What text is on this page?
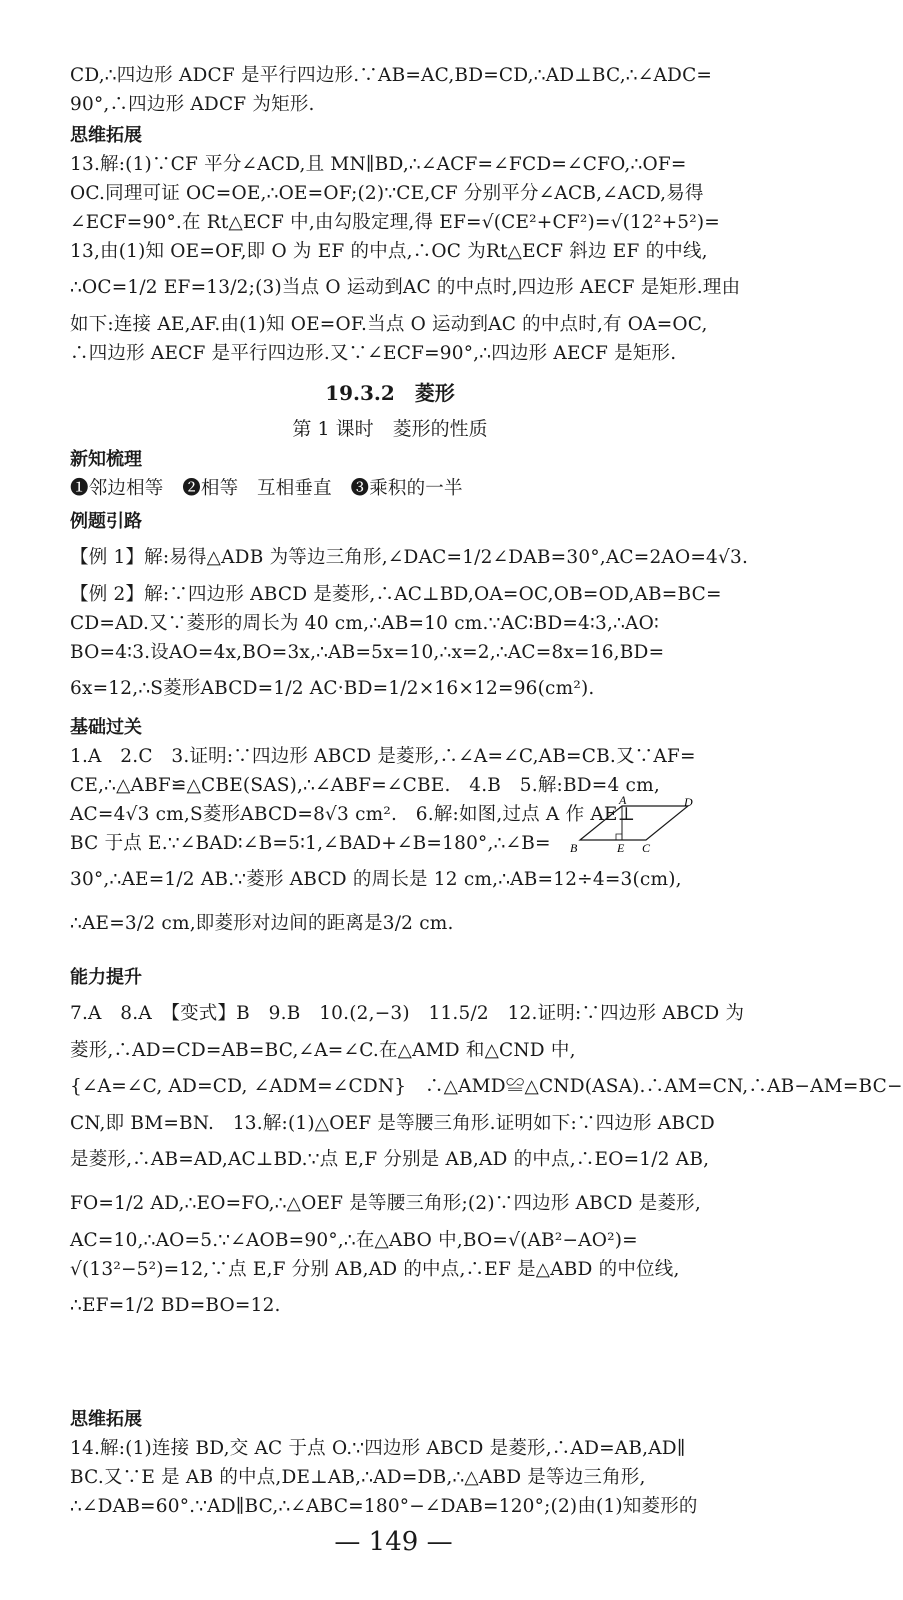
CD,∴四边形 ADCF 是平行四边形.∵AB=AC,BD=CD,∴AD⊥BC,∴∠ADC=
90°,∴四边形 ADCF 为矩形.
思维拓展
13.解:(1)∵CF 平分∠ACD,且 MN∥BD,∴∠ACF=∠FCD=∠CFO,∴OF=
OC.同理可证 OC=OE,∴OE=OF;(2)∵CE,CF 分别平分∠ACB,∠ACD,易得
∠ECF=90°.在 Rt△ECF 中,由勾股定理,得 EF=√(CE²+CF²)=√(12²+5²)=
13,由(1)知 OE=OF,即 O 为 EF 的中点,∴OC 为Rt△ECF 斜边 EF 的中线,
∴OC=1/2 EF=13/2;(3)当点 O 运动到AC 的中点时,四边形 AECF 是矩形.理由
如下:连接 AE,AF.由(1)知 OE=OF.当点 O 运动到AC 的中点时,有 OA=OC,
∴四边形 AECF 是平行四边形.又∵∠ECF=90°,∴四边形 AECF 是矩形.
19.3.2　菱形
第 1 课时　菱形的性质
新知梳理
❶邻边相等　❷相等　互相垂直　❸乘积的一半
例题引路
【例 1】解:易得△ADB 为等边三角形,∠DAC=1/2∠DAB=30°,AC=2AO=4√3.
【例 2】解:∵四边形 ABCD 是菱形,∴AC⊥BD,OA=OC,OB=OD,AB=BC=
CD=AD.又∵菱形的周长为 40 cm,∴AB=10 cm.∵AC∶BD=4∶3,∴AO∶
BO=4∶3.设AO=4x,BO=3x,∴AB=5x=10,∴x=2,∴AC=8x=16,BD=
6x=12,∴S菱形ABCD=1/2 AC·BD=1/2×16×12=96(cm²).
基础过关
1.A　2.C　3.证明:∵四边形 ABCD 是菱形,∴∠A=∠C,AB=CB.又∵AF=
CE,∴△ABF≌△CBE(SAS),∴∠ABF=∠CBE.　4.B　5.解:BD=4 cm,
AC=4√3 cm,S菱形ABCD=8√3 cm².　6.解:如图,过点 A 作 AE⊥
BC 于点 E.∵∠BAD∶∠B=5∶1,∠BAD+∠B=180°,∴∠B=
30°,∴AE=1/2 AB.∵菱形 ABCD 的周长是 12 cm,∴AB=12÷4=3(cm),
∴AE=3/2 cm,即菱形对边间的距离是3/2 cm.
A	D
B	E C
能力提升
7.A　8.A　【变式】B　9.B　10.(2,−3)　11.5/2　12.证明:∵四边形 ABCD 为
菱形,∴AD=CD=AB=BC,∠A=∠C.在△AMD 和△CND 中,
{∠A=∠C, AD=CD, ∠ADM=∠CDN}　∴△AMD≌△CND(ASA).∴AM=CN,∴AB−AM=BC−
CN,即 BM=BN.　13.解:(1)△OEF 是等腰三角形.证明如下:∵四边形 ABCD
是菱形,∴AB=AD,AC⊥BD.∵点 E,F 分别是 AB,AD 的中点,∴EO=1/2 AB,
FO=1/2 AD,∴EO=FO,∴△OEF 是等腰三角形;(2)∵四边形 ABCD 是菱形,
AC=10,∴AO=5.∵∠AOB=90°,∴在△ABO 中,BO=√(AB²−AO²)=
√(13²−5²)=12,∵点 E,F 分别 AB,AD 的中点,∴EF 是△ABD 的中位线,
∴EF=1/2 BD=BO=12.
思维拓展
14.解:(1)连接 BD,交 AC 于点 O.∵四边形 ABCD 是菱形,∴AD=AB,AD∥
BC.又∵E 是 AB 的中点,DE⊥AB,∴AD=DB,∴△ABD 是等边三角形,
∴∠DAB=60°.∵AD∥BC,∴∠ABC=180°−∠DAB=120°;(2)由(1)知菱形的
— 149 —
